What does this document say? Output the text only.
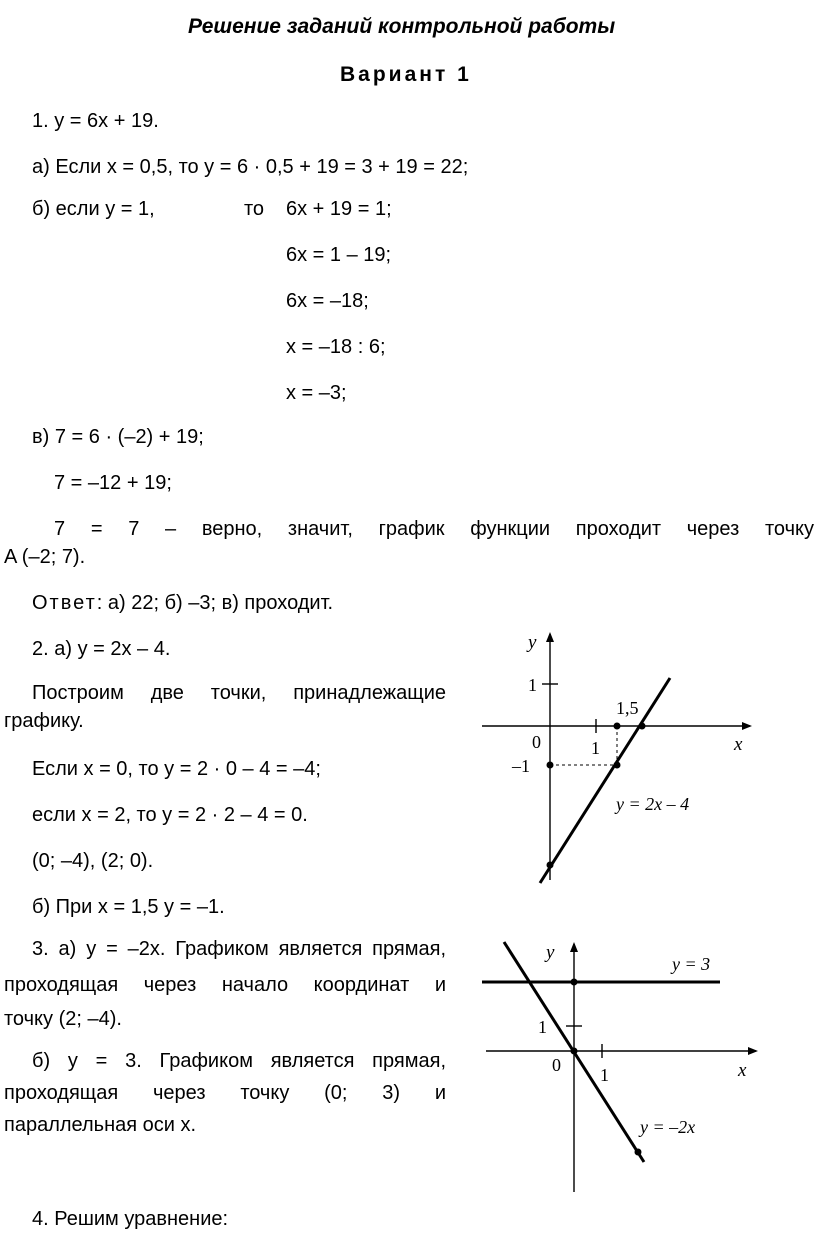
Решение заданий контрольной работы
Вариант 1
1. y = 6x + 19.
а) Если x = 0,5, то y = 6 · 0,5 + 19 = 3 + 19 = 22;
б) если y = 1,	то 6x + 19 = 1;
6x = 1 – 19;
6x = –18;
x = –18 : 6;
x = –3;
в) 7 = 6 · (–2) + 19;
7 = –12 + 19;
7 = 7 – верно, значит, график функции проходит через точку
A (–2; 7).
Ответ: а) 22; б) –3; в) проходит.
2. а) y = 2x – 4.
Построим две точки, принадлежащие
графику.
Если x = 0, то y = 2 · 0 – 4 = –4;
если x = 2, то y = 2 · 2 – 4 = 0.
(0; –4), (2; 0).
б) При x = 1,5 y = –1.
3. а) y = –2x. Графиком является прямая,
проходящая через начало координат и
точку (2; –4).
б) y = 3. Графиком является прямая,
проходящая через точку (0; 3) и
параллельная оси x.
4. Решим уравнение:
y
x
0
1
1
1,5
–1
y = 2x – 4
y
x
0
1
1
y = 3
y = –2x
